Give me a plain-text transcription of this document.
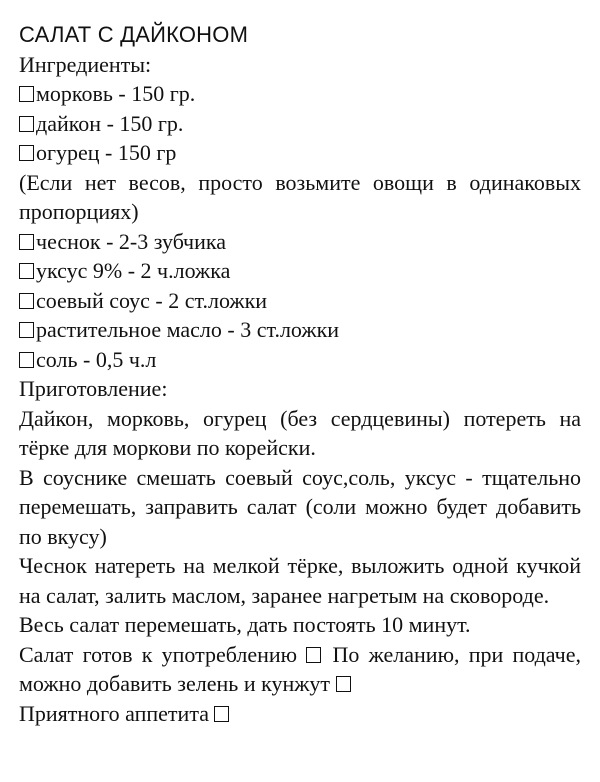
САЛАТ С ДАЙКОНОМ

Ингредиенты:

морковь - 150 гр.

дайкон - 150 гр.

огурец - 150 гр

(Если нет весов, просто возьмите овощи в одинаковых пропорциях)

чеснок - 2-3 зубчика

уксус 9% - 2 ч.ложка

соевый соус - 2 ст.ложки

растительное масло - 3 ст.ложки

соль - 0,5 ч.л

Приготовление:

Дайкон, морковь, огурец (без сердцевины) потереть на тёрке для моркови по корейски.

В соуснике смешать соевый соус,соль, уксус - тщательно перемешать, заправить салат (соли можно будет добавить по вкусу)

Чеснок натереть на мелкой тёрке, выложить одной кучкой на салат, залить маслом, заранее нагретым на сковороде.

Весь салат перемешать, дать постоять 10 минут.

Салат готов к употреблению По желанию, при подаче, можно добавить зелень и кунжут

Приятного аппетита
